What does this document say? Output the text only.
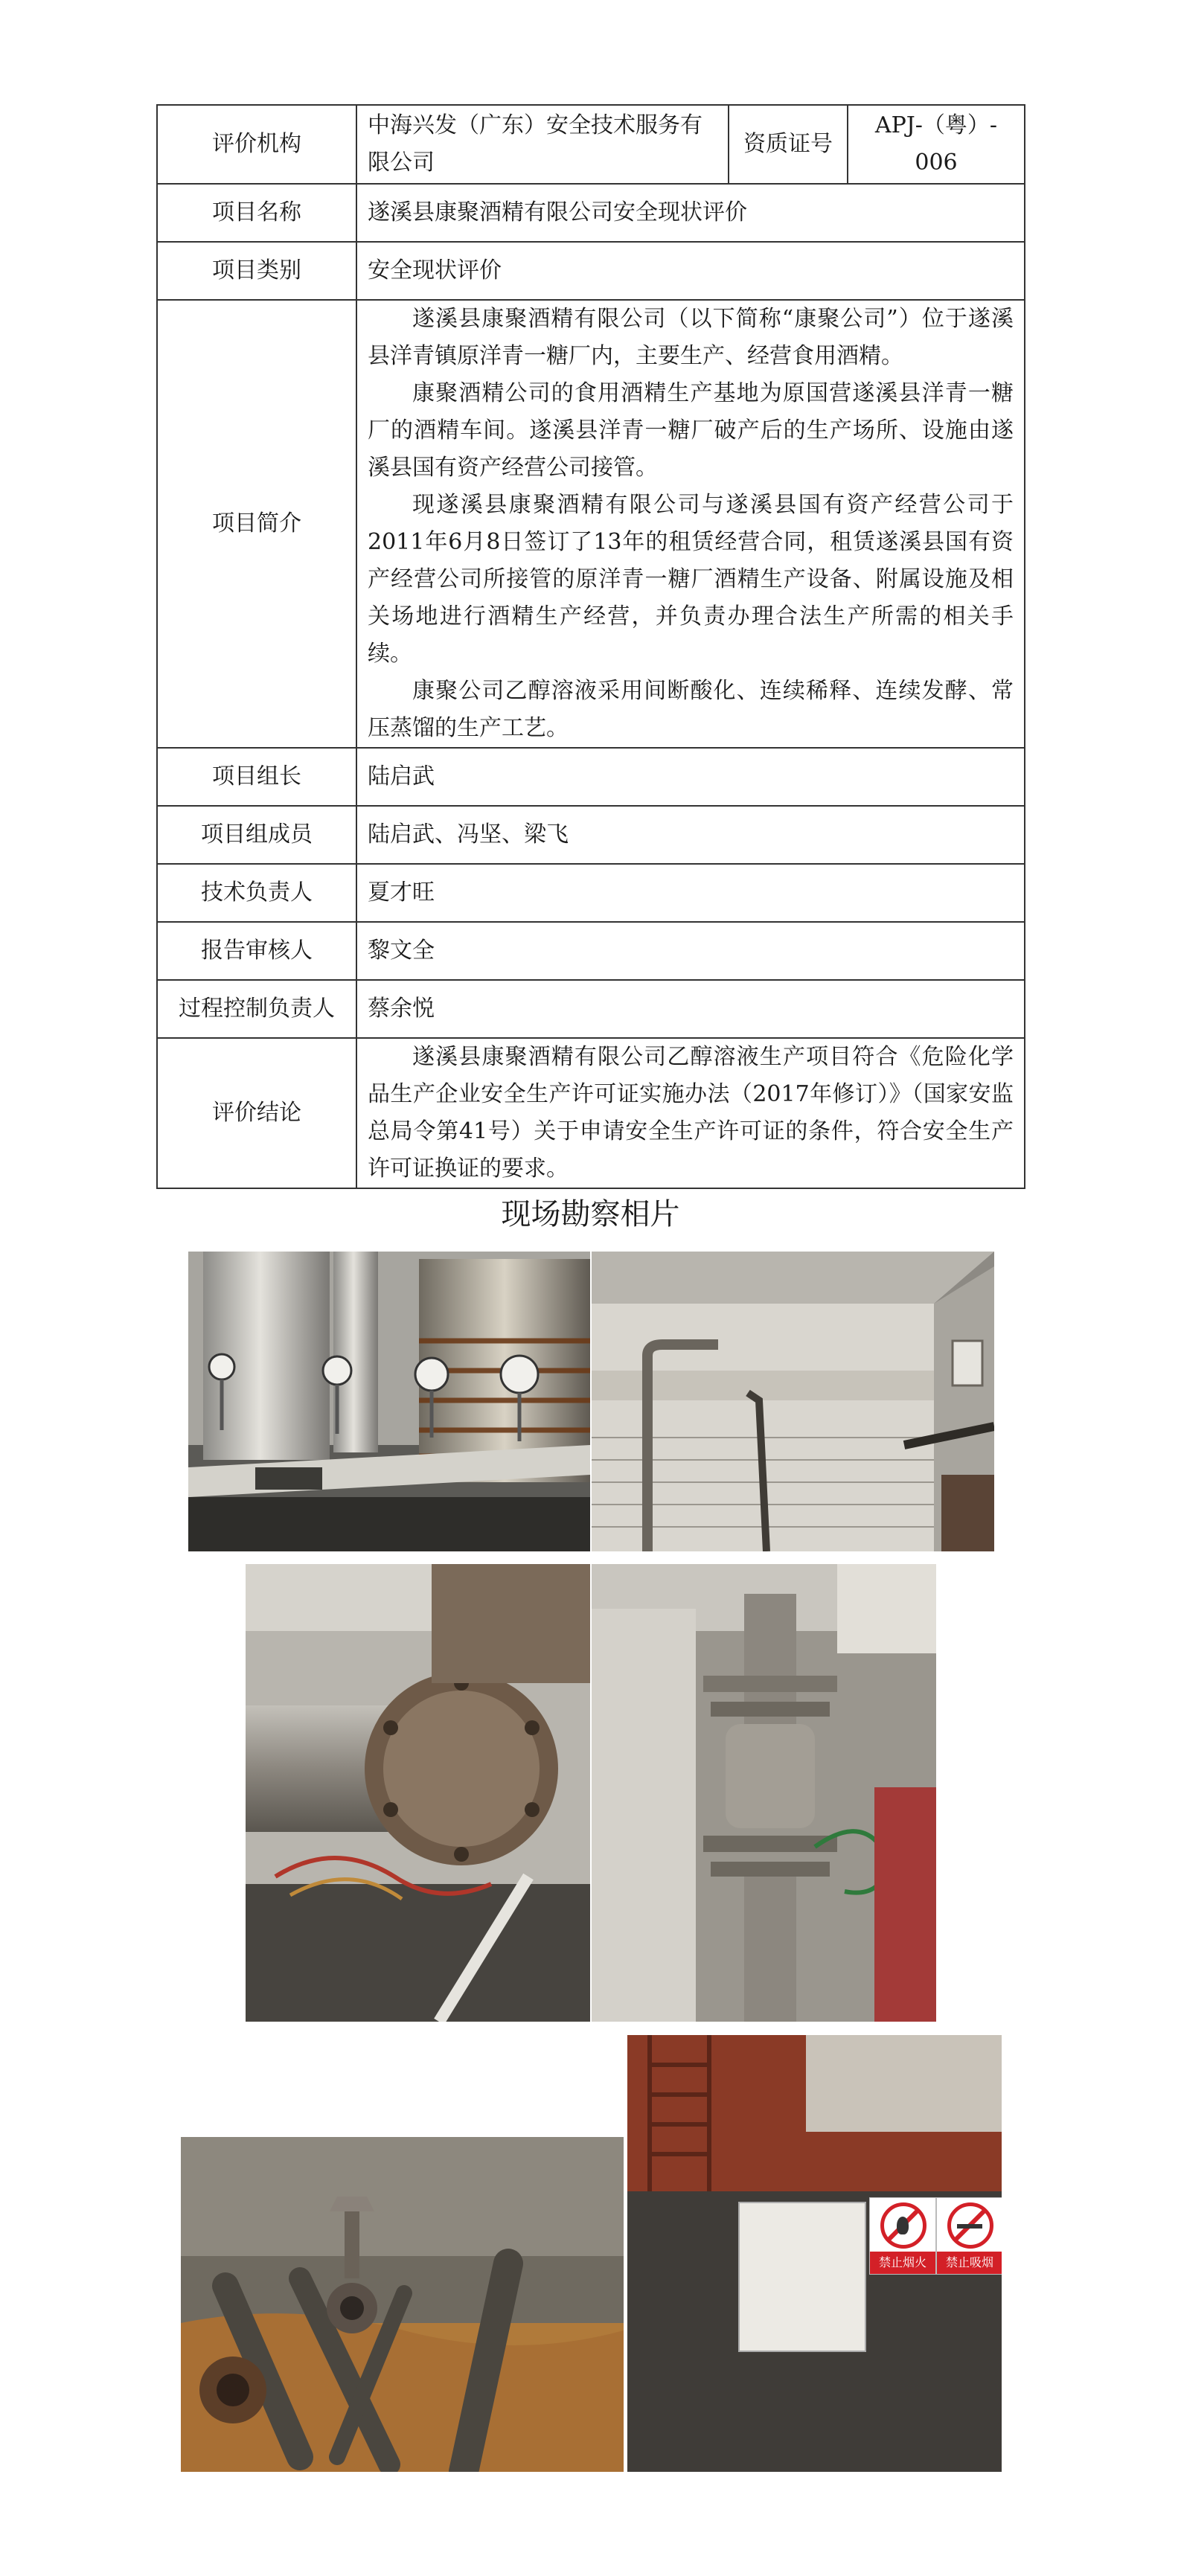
评价机构	中海兴发（广东）安全技术服务有限公司	资质证号	APJ-（粤）- 006
项目名称	遂溪县康聚酒精有限公司安全现状评价		
项目类别	安全现状评价		
项目简介	遂溪县康聚酒精有限公司（以下简称“康聚公司”）位于遂溪县洋青镇原洋青一糖厂内，主要生产、经营食用酒精。

康聚酒精公司的食用酒精生产基地为原国营遂溪县洋青一糖厂的酒精车间。遂溪县洋青一糖厂破产后的生产场所、设施由遂溪县国有资产经营公司接管。

现遂溪县康聚酒精有限公司与遂溪县国有资产经营公司于2011年6月8日签订了13年的租赁经营合同，租赁遂溪县国有资产经营公司所接管的原洋青一糖厂酒精生产设备、附属设施及相关场地进行酒精生产经营，并负责办理合法生产所需的相关手续。

康聚公司乙醇溶液采用间断酸化、连续稀释、连续发酵、常压蒸馏的生产工艺。		

项目组长	陆启武		
项目组成员	陆启武、冯坚、梁飞		
技术负责人	夏才旺		
报告审核人	黎文全		
过程控制负责人	蔡余悦		
评价结论	遂溪县康聚酒精有限公司乙醇溶液生产项目符合《危险化学品生产企业安全生产许可证实施办法（2017年修订）》（国家安监总局令第41号）关于申请安全生产许可证的条件，符合安全生产许可证换证的要求。		

现场勘察相片
禁止烟火	禁止吸烟
